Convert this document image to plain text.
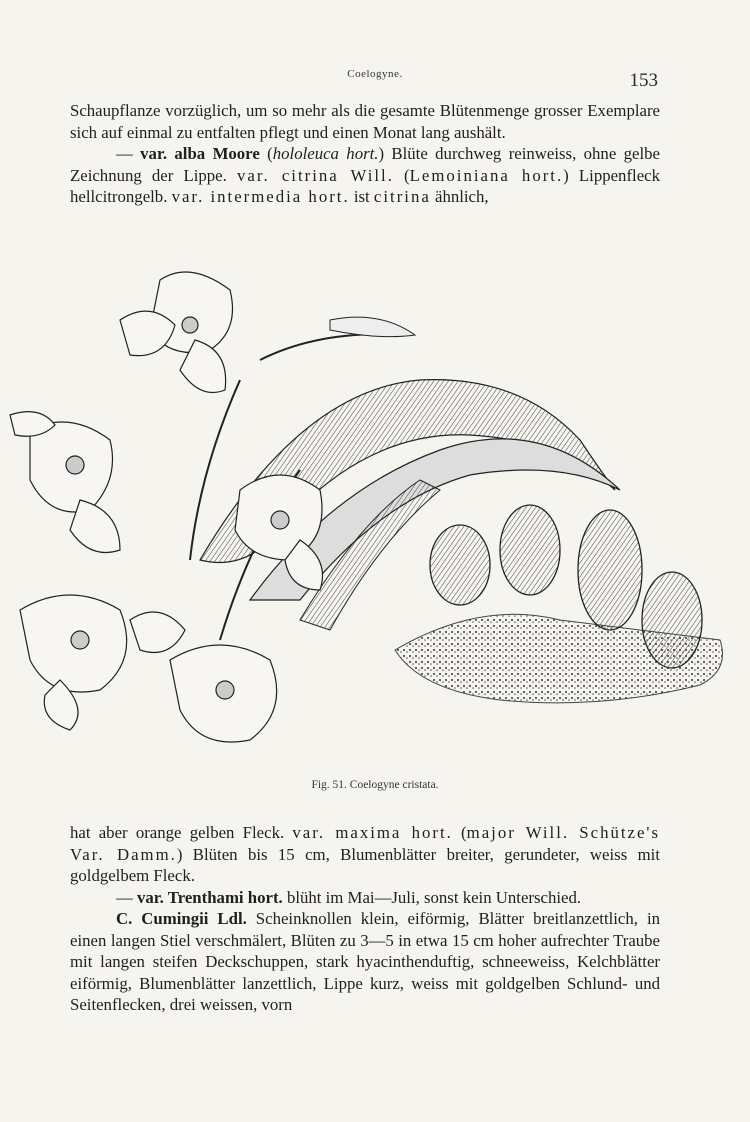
Coelogyne.	153

Schaupflanze vorzüglich, um so mehr als die gesamte Blütenmenge grosser Exemplare sich auf einmal zu entfalten pflegt und einen Monat lang aushält.

— var. alba Moore (hololeuca hort.) Blüte durchweg reinweiss, ohne gelbe Zeichnung der Lippe. var. citrina Will. (Lemoiniana hort.) Lippenfleck hellcitrongelb. var. intermedia hort. ist citrina ähnlich,

Fig. 51. Coelogyne cristata.

hat aber orange gelben Fleck. var. maxima hort. (major Will. Schütze's Var. Damm.) Blüten bis 15 cm, Blumenblätter breiter, gerundeter, weiss mit goldgelbem Fleck.

— var. Trenthami hort. blüht im Mai—Juli, sonst kein Unterschied.

C. Cumingii Ldl. Scheinknollen klein, eiförmig, Blätter breitlanzettlich, in einen langen Stiel verschmälert, Blüten zu 3—5 in etwa 15 cm hoher aufrechter Traube mit langen steifen Deckschuppen, stark hyacinthenduftig, schneeweiss, Kelchblätter eiförmig, Blumenblätter lanzettlich, Lippe kurz, weiss mit goldgelben Schlund- und Seitenflecken, drei weissen, vorn
